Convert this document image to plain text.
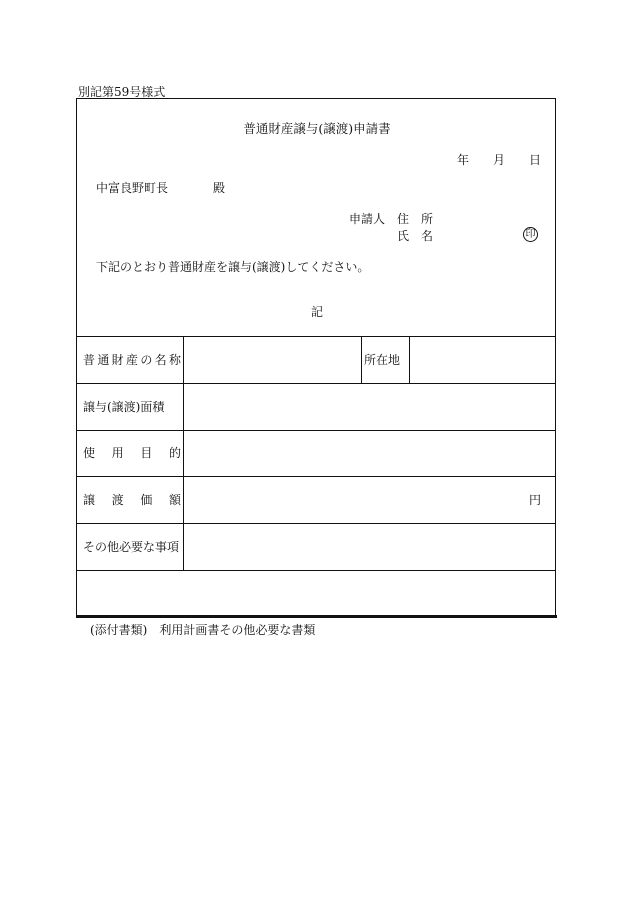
別記第59号様式
普通財産譲与(譲渡)申請書
年 月 日
中富良野町長	殿
申請人 住　所
氏　名	印
下記のとおり普通財産を譲与(譲渡)してください。
記
普 通 財 産 の 名 称	所在地
譲与(譲渡)面積
使 用 目 的
譲 渡 価 額	円
その他必要な事項
(添付書類)　利用計画書その他必要な書類
